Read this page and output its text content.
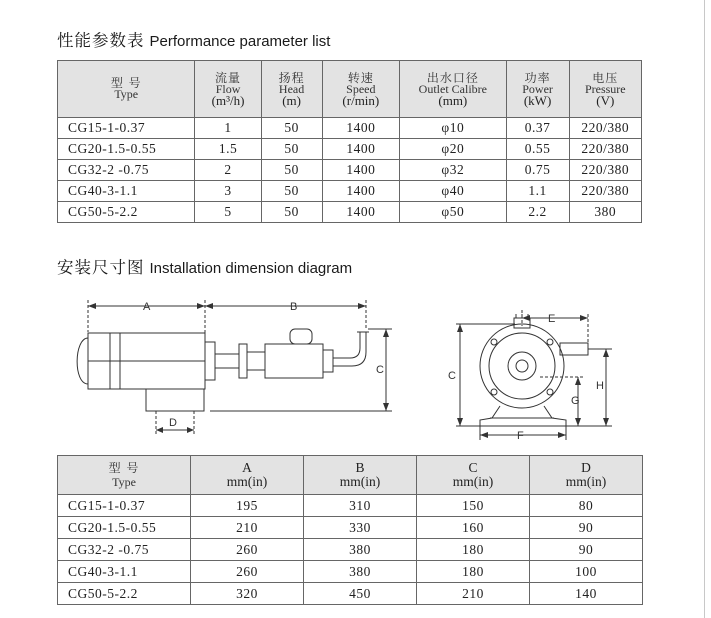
性能参数表 Performance parameter list
型 号
Type	流量
Flow
(m³/h)	扬程
Head
(m)	转速
Speed
(r/min)	出水口径
Outlet Calibre
(mm)	功率
Power
(kW)	电压
Pressure
(V)

CG15-1-0.37	1	50	1400	φ10	0.37	220/380
CG20-1.5-0.55	1.5	50	1400	φ20	0.55	220/380
CG32-2 -0.75	2	50	1400	φ32	0.75	220/380
CG40-3-1.1	3	50	1400	φ40	1.1	220/380
CG50-5-2.2	5	50	1400	φ50	2.2	380
安装尺寸图 Installation dimension diagram
A	B
C
D
C
E
F
G
H
型 号
Type	A
mm(in)	B
mm(in)	C
mm(in)	D
mm(in)

CG15-1-0.37	195	310	150	80
CG20-1.5-0.55	210	330	160	90
CG32-2 -0.75	260	380	180	90
CG40-3-1.1	260	380	180	100
CG50-5-2.2	320	450	210	140
